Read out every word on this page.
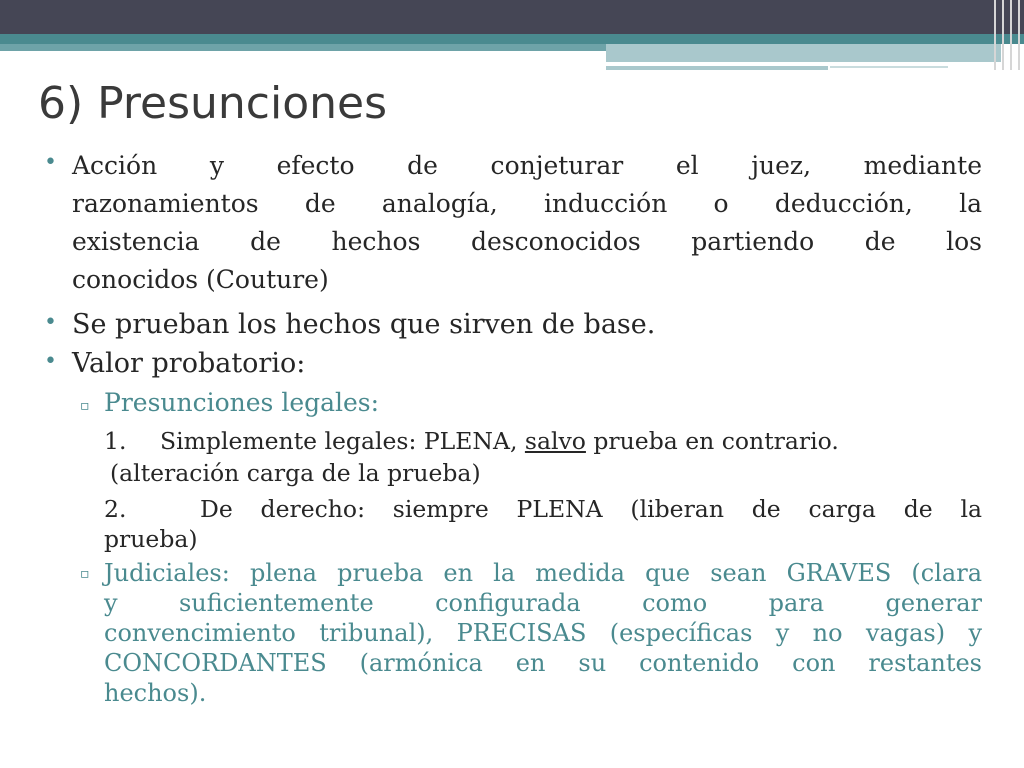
6) Presunciones
• Acción y efecto de conjeturar el juez, mediante

razonamientos de analogía, inducción o deducción, la

existencia de hechos desconocidos partiendo de los

conocidos (Couture)

• Se prueban los hechos que sirven de base.

• Valor probatorio:

▫ Presunciones legales:

1. Simplemente legales: PLENA, salvo prueba en contrario.

(alteración carga de la prueba)

2.	De derecho: siempre PLENA (liberan de carga de la

prueba)

▫ Judiciales: plena prueba en la medida que sean GRAVES (clara

y suficientemente configurada como para generar

convencimiento tribunal), PRECISAS (específicas y no vagas) y

CONCORDANTES (armónica en su contenido con restantes

hechos).
